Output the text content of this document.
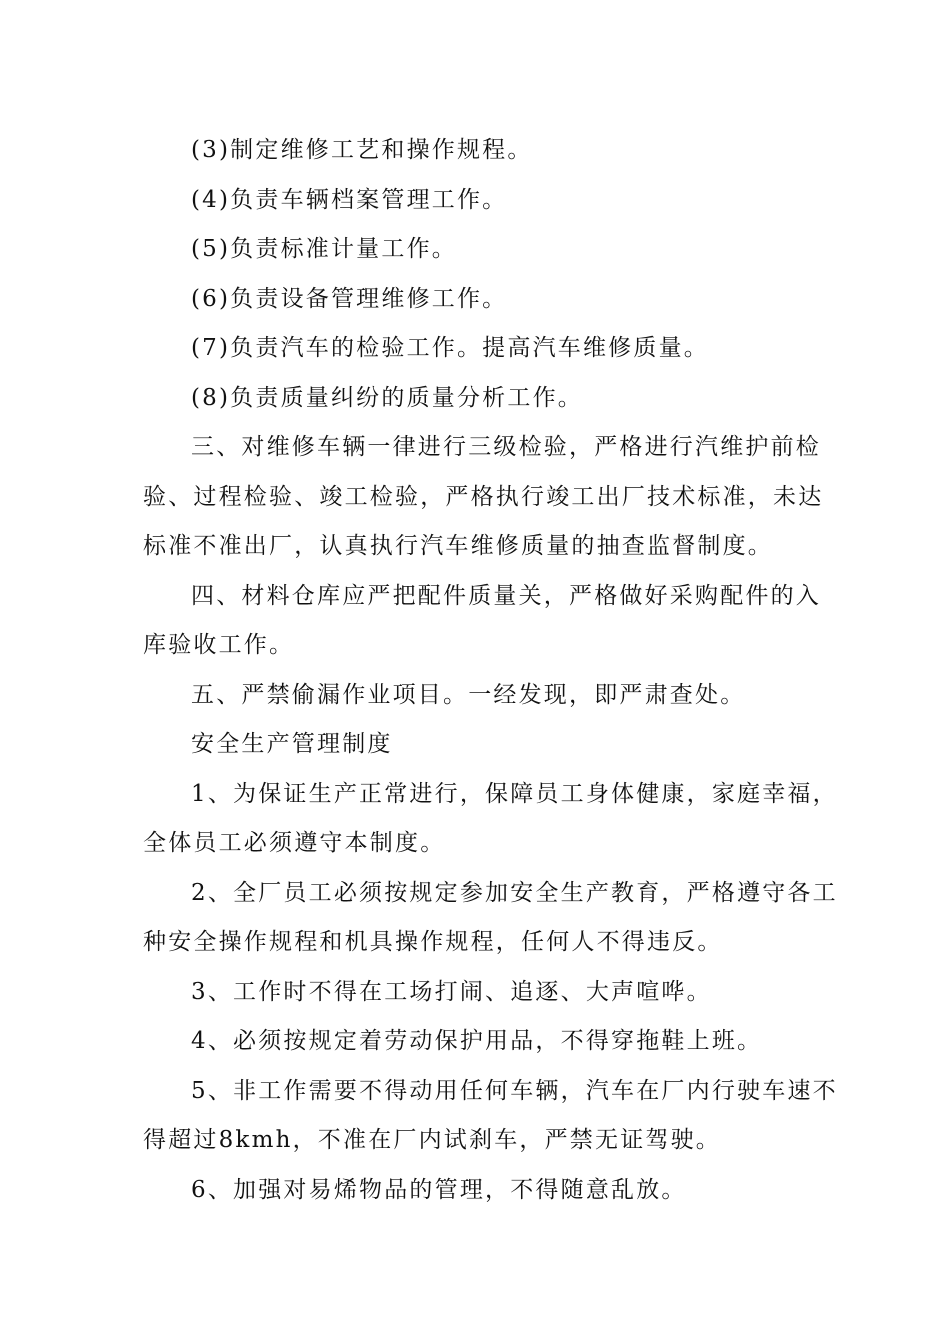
(3)制定维修工艺和操作规程。
(4)负责车辆档案管理工作。
(5)负责标准计量工作。
(6)负责设备管理维修工作。
(7)负责汽车的检验工作。提高汽车维修质量。
(8)负责质量纠纷的质量分析工作。
三、对维修车辆一律进行三级检验，严格进行汽维护前检
验、过程检验、竣工检验，严格执行竣工出厂技术标准，未达
标准不准出厂，认真执行汽车维修质量的抽查监督制度。
四、材料仓库应严把配件质量关，严格做好采购配件的入
库验收工作。
五、严禁偷漏作业项目。一经发现，即严肃查处。
安全生产管理制度
1、为保证生产正常进行，保障员工身体健康，家庭幸福，
全体员工必须遵守本制度。
2、全厂员工必须按规定参加安全生产教育，严格遵守各工
种安全操作规程和机具操作规程，任何人不得违反。
3、工作时不得在工场打闹、追逐、大声喧哗。
4、必须按规定着劳动保护用品，不得穿拖鞋上班。
5、非工作需要不得动用任何车辆，汽车在厂内行驶车速不
得超过8kmh，不准在厂内试刹车，严禁无证驾驶。
6、加强对易烯物品的管理，不得随意乱放。
